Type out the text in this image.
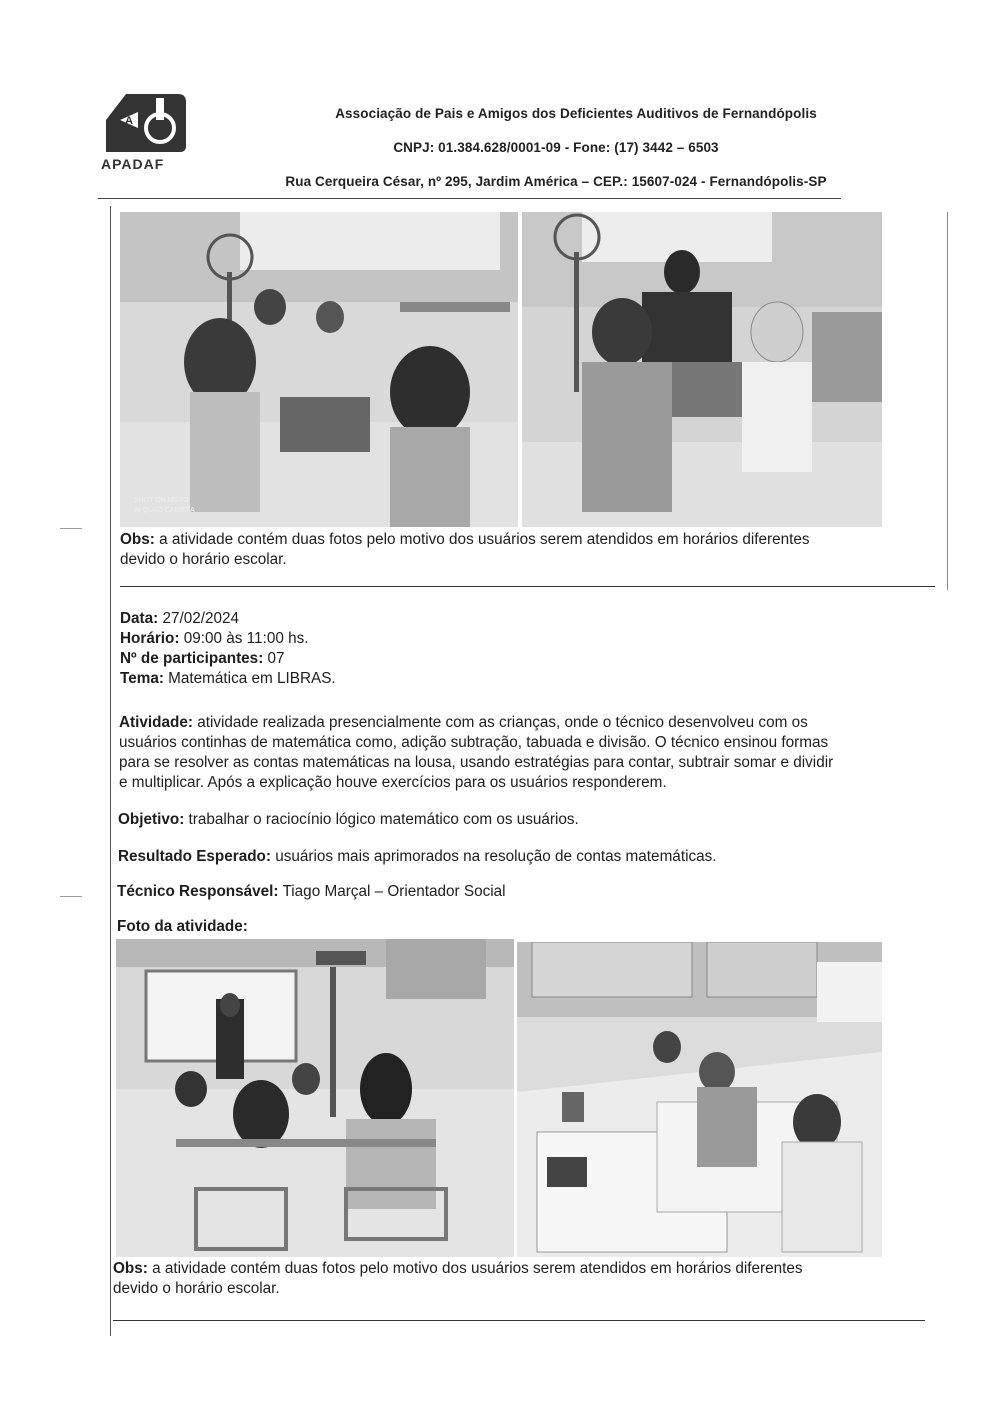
A
APADAF
Associação de Pais e Amigos dos Deficientes Auditivos de Fernandópolis
CNPJ: 01.384.628/0001-09 - Fone: (17) 3442 – 6503
Rua Cerqueira César, nº 295, Jardim América – CEP.: 15607-024 - Fernandópolis-SP
SHOT ON MOTO
AI QUAD CAMERA
Obs: a atividade contém duas fotos pelo motivo dos usuários serem atendidos em horários diferentes
devido o horário escolar.
Data: 27/02/2024
Horário: 09:00 às 11:00 hs.
Nº de participantes: 07
Tema: Matemática em LIBRAS.
Atividade: atividade realizada presencialmente com as crianças, onde o técnico desenvolveu com os
usuários continhas de matemática como, adição subtração, tabuada e divisão. O técnico ensinou formas
para se resolver as contas matemáticas na lousa, usando estratégias para contar, subtrair somar e dividir
e multiplicar. Após a explicação houve exercícios para os usuários responderem.
Objetivo: trabalhar o raciocínio lógico matemático com os usuários.
Resultado Esperado: usuários mais aprimorados na resolução de contas matemáticas.
Técnico Responsável: Tiago Marçal – Orientador Social
Foto da atividade:
Obs: a atividade contém duas fotos pelo motivo dos usuários serem atendidos em horários diferentes
devido o horário escolar.
